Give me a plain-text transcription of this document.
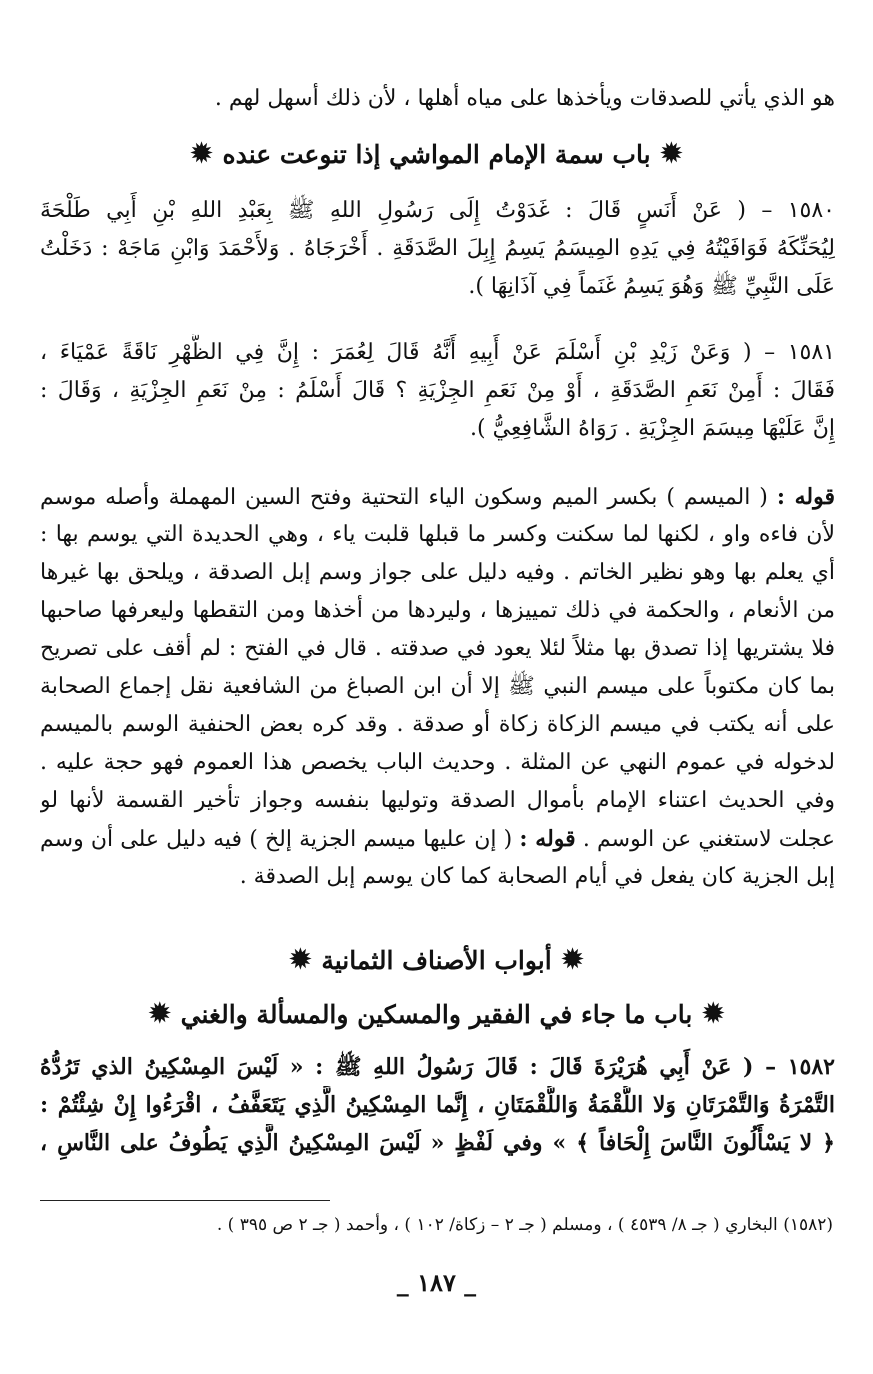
هو الذي يأتي للصدقات ويأخذها على مياه أهلها ، لأن ذلك أسهل لهم .
✹
باب سمة الإمام المواشي إذا تنوعت عنده
✹
١٥٨٠ – ( عَنْ أَنَسٍ قَالَ : غَدَوْتُ إِلَى رَسُولِ اللهِ ﷺ بِعَبْدِ اللهِ بْنِ أَبِي طَلْحَةَ
لِيُحَنِّكَهُ فَوَافَيْتُهُ فِي يَدِهِ المِيسَمُ يَسِمُ إِبِلَ الصَّدَقَةِ . أَخْرَجَاهُ . وَلأَحْمَدَ وَابْنِ مَاجَهْ : دَخَلْتُ
عَلَى النَّبِيِّ ﷺ وَهُوَ يَسِمُ غَنَماً فِي آذَانِهَا ).
١٥٨١ – ( وَعَنْ زَيْدِ بْنِ أَسْلَمَ عَنْ أَبِيهِ أَنَّهُ قَالَ لِعُمَرَ : إِنَّ فِي الظَّهْرِ نَاقَةً عَمْيَاءَ ،
فَقَالَ : أَمِنْ نَعَمِ الصَّدَقَةِ ، أَوْ مِنْ نَعَمِ الجِزْيَةِ ؟ قَالَ أَسْلَمُ : مِنْ نَعَمِ الجِزْيَةِ ، وَقَالَ :
إِنَّ عَلَيْهَا مِيسَمَ الجِزْيَةِ . رَوَاهُ الشَّافِعِيُّ ).
قوله : ( الميسم ) بكسر الميم وسكون الياء التحتية وفتح السين المهملة وأصله موسم
لأن فاءه واو ، لكنها لما سكنت وكسر ما قبلها قلبت ياء ، وهي الحديدة التي يوسم بها :
أي يعلم بها وهو نظير الخاتم . وفيه دليل على جواز وسم إبل الصدقة ، ويلحق بها غيرها
من الأنعام ، والحكمة في ذلك تمييزها ، وليردها من أخذها ومن التقطها وليعرفها صاحبها
فلا يشتريها إذا تصدق بها مثلاً لئلا يعود في صدقته . قال في الفتح : لم أقف على تصريح
بما كان مكتوباً على ميسم النبي ﷺ إلا أن ابن الصباغ من الشافعية نقل إجماع الصحابة
على أنه يكتب في ميسم الزكاة زكاة أو صدقة . وقد كره بعض الحنفية الوسم بالميسم
لدخوله في عموم النهي عن المثلة . وحديث الباب يخصص هذا العموم فهو حجة عليه .
وفي الحديث اعتناء الإمام بأموال الصدقة وتوليها بنفسه وجواز تأخير القسمة لأنها لو
عجلت لاستغني عن الوسم . قوله : ( إن عليها ميسم الجزية إلخ ) فيه دليل على أن وسم
إبل الجزية كان يفعل في أيام الصحابة كما كان يوسم إبل الصدقة .
✹
أبواب الأصناف الثمانية
✹
✹
باب ما جاء في الفقير والمسكين والمسألة والغني
✹
١٥٨٢ – ( عَنْ أَبِي هُرَيْرَةَ قَالَ : قَالَ رَسُولُ اللهِ ﷺ : « لَيْسَ المِسْكِينُ الذي تَرُدُّهُ
التَّمْرَةُ وَالتَّمْرَتَانِ وَلا اللُّقْمَةُ وَاللُّقْمَتَانِ ، إِنَّما المِسْكِينُ الَّذِي يَتَعَفَّفُ ، اقْرَءُوا إِنْ شِئْتُمْ :
﴿ لا يَسْأَلُونَ النَّاسَ إِلْحَافاً ﴾ » وفي لَفْظٍ « لَيْسَ المِسْكِينُ الَّذِي يَطُوفُ على النَّاسِ ،
(١٥٨٢) البخاري ( جـ ٨/ ٤٥٣٩ ) ، ومسلم ( جـ ٢ – زكاة/ ١٠٢ ) ، وأحمد ( جـ ٢ ص ٣٩٥ ) .
_ ١٨٧ _
